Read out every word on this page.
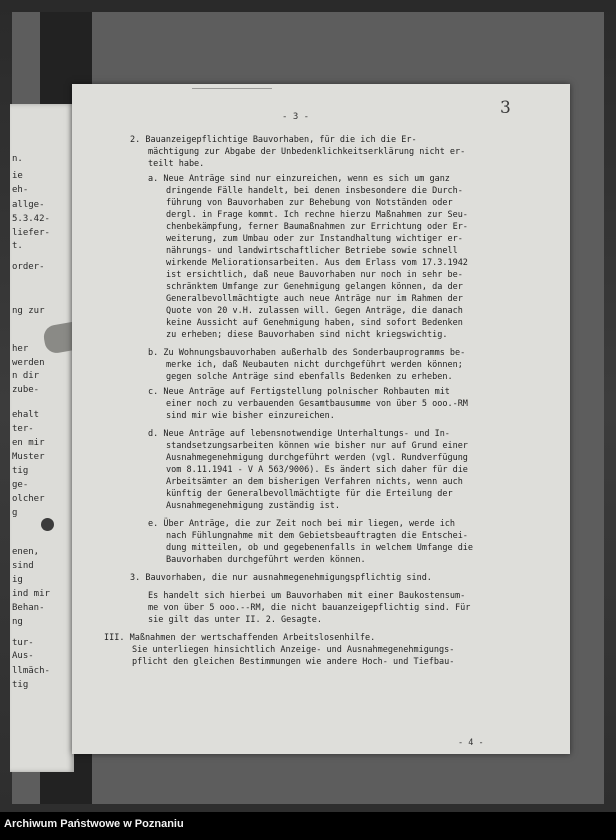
n.
ie
eh-
allge-
5.3.42-
liefer-
t.
order-
ng zur
her
werden
n dir
zube-
ehalt
ter-
en mir
Muster
tig
ge-
olcher
g
enen,
sind
ig
ind mir
Behan-
ng
tur-
Aus-
llmäch-
tig
- 3 -	3
2. Bauanzeigepflichtige Bauvorhaben, für die ich die Er-
mächtigung zur Abgabe der Unbedenklichkeitserklärung nicht er-
teilt habe.
a. Neue Anträge sind nur einzureichen, wenn es sich um ganz
dringende Fälle handelt, bei denen insbesondere die Durch-
führung von Bauvorhaben zur Behebung von Notständen oder
dergl. in Frage kommt. Ich rechne hierzu Maßnahmen zur Seu-
chenbekämpfung, ferner Baumaßnahmen zur Errichtung oder Er-
weiterung, zum Umbau oder zur Instandhaltung wichtiger er-
nährungs- und landwirtschaftlicher Betriebe sowie schnell
wirkende Meliorationsarbeiten. Aus dem Erlass vom 17.3.1942
ist ersichtlich, daß neue Bauvorhaben nur noch in sehr be-
schränktem Umfange zur Genehmigung gelangen können, da der
Generalbevollmächtigte auch neue Anträge nur im Rahmen der
Quote von 20 v.H. zulassen will. Gegen Anträge, die danach
keine Aussicht auf Genehmigung haben, sind sofort Bedenken
zu erheben; diese Bauvorhaben sind nicht kriegswichtig.
b. Zu Wohnungsbauvorhaben außerhalb des Sonderbauprogramms be-
merke ich, daß Neubauten nicht durchgeführt werden können;
gegen solche Anträge sind ebenfalls Bedenken zu erheben.
c. Neue Anträge auf Fertigstellung polnischer Rohbauten mit
einer noch zu verbauenden Gesamtbausumme von über 5 ooo.-RM
sind mir wie bisher einzureichen.
d. Neue Anträge auf lebensnotwendige Unterhaltungs- und In-
standsetzungsarbeiten können wie bisher nur auf Grund einer
Ausnahmegenehmigung durchgeführt werden (vgl. Rundverfügung
vom 8.11.1941 - V A 563/9006). Es ändert sich daher für die
Arbeitsämter an dem bisherigen Verfahren nichts, wenn auch
künftig der Generalbevollmächtigte für die Erteilung der
Ausnahmegenehmigung zuständig ist.
e. Über Anträge, die zur Zeit noch bei mir liegen, werde ich
nach Fühlungnahme mit dem Gebietsbeauftragten die Entschei-
dung mitteilen, ob und gegebenenfalls in welchem Umfange die
Bauvorhaben durchgeführt werden können.
3. Bauvorhaben, die nur ausnahmegenehmigungspflichtig sind.
Es handelt sich hierbei um Bauvorhaben mit einer Baukostensum-
me von über 5 ooo.--RM, die nicht bauanzeigepflichtig sind. Für
sie gilt das unter II. 2. Gesagte.
III. Maßnahmen der wertschaffenden Arbeitslosenhilfe.
Sie unterliegen hinsichtlich Anzeige- und Ausnahmegenehmigungs-
pflicht den gleichen Bestimmungen wie andere Hoch- und Tiefbau-
- 4 -
Archiwum Państwowe w Poznaniu
